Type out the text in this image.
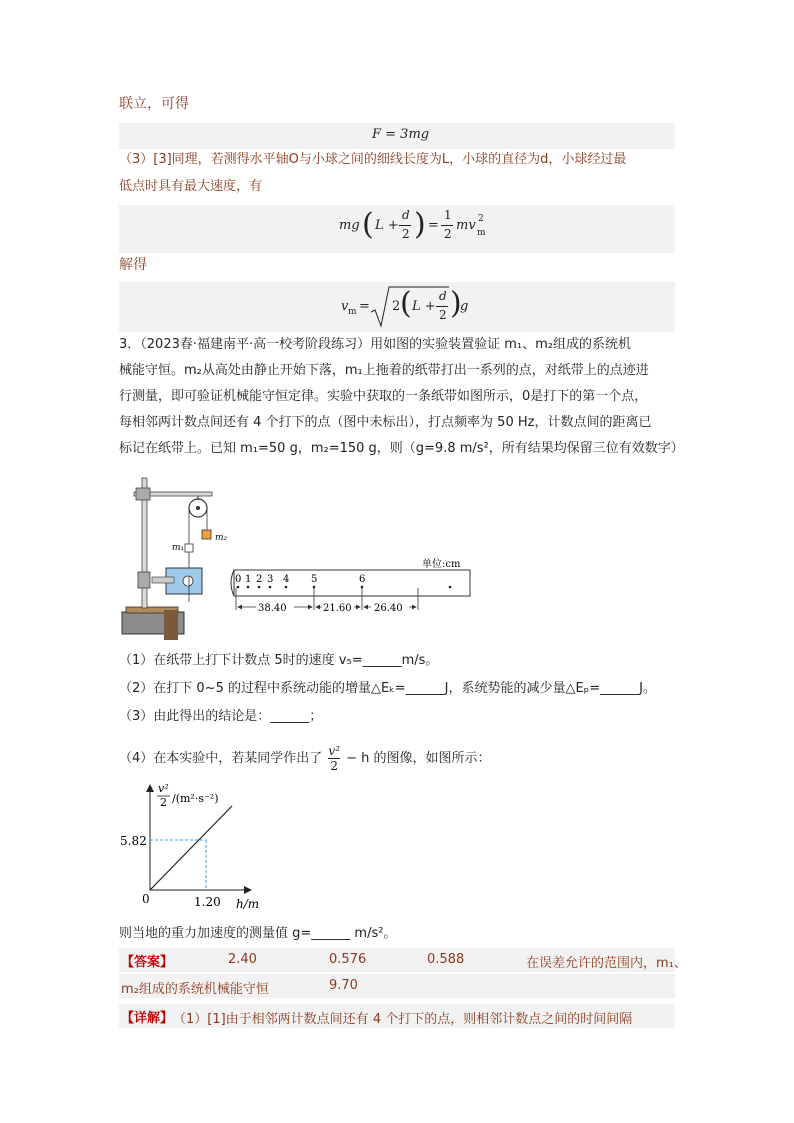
联立，可得
F = 3mg
（3）[3]同理，若测得水平轴O与小球之间的细线长度为L，小球的直径为d，小球经过最
低点时具有最大速度，有
mg ( L +
d
2 ) =
1
2
mv 2
m
解得
v m = 2 ( L +
d
2 )
g
3．（2023春·福建南平·高一校考阶段练习）用如图的实验装置验证 m₁、m₂组成的系统机
械能守恒。m₂从高处由静止开始下落，m₁上拖着的纸带打出一系列的点，对纸带上的点迹进
行测量，即可验证机械能守恒定律。实验中获取的一条纸带如图所示，0是打下的第一个点，
每相邻两计数点间还有 4 个打下的点（图中未标出），打点频率为 50 Hz，计数点间的距离已
标记在纸带上。已知 m₁=50 g，m₂=150 g，则（g=9.8 m/s²，所有结果均保留三位有效数字）
m₂
m₁
单位:cm
0 1 2 3 4 5	6
38.40	21.60 26.40
（1）在纸带上打下计数点 5时的速度 v₅=______m/s。
（2）在打下 0~5 的过程中系统动能的增量△Eₖ=______J，系统势能的减少量△Eₚ=______J。
（3）由此得出的结论是：______；
（4）在本实验中，若某同学作出了 $\frac{\text{v²}}{2} - h$ 的图像，如图所示：
v²
2 /(m²·s⁻²)
5.82
0	1.20 h/m
则当地的重力加速度的测量值 g=______ m/s²。
【答案】	2.40	0.576	0.588	在误差允许的范围内，m₁、
m₂组成的系统机械能守恒	9.70
【详解】 （1）[1]由于相邻两计数点间还有 4 个打下的点，则相邻计数点之间的时间间隔
